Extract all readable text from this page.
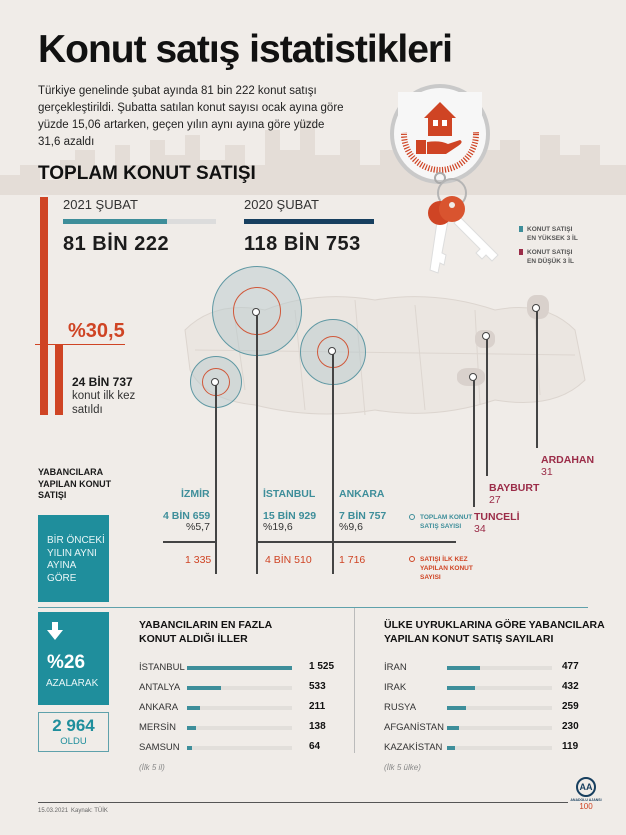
Konut satış istatistikleri

Türkiye genelinde şubat ayında 81 bin 222 konut satışı gerçekleştirildi. Şubatta satılan konut sayısı ocak ayına göre yüzde 15,06 artarken, geçen yılın aynı ayına göre yüzde 31,6 azaldı

KONUT SATIŞI
EN YÜKSEK 3 İL
KONUT SATIŞI
EN DÜŞÜK 3 İL
TOPLAM KONUT SATIŞI
2021 ŞUBAT
81 BİN 222
2020 ŞUBAT
118 BİN 753
%30,5
24 BİN 737
konut ilk kez
satıldı
YABANCILARA
YAPILAN KONUT
SATIŞI	İZMİR
4 BİN 659
%5,7
1 335
İSTANBUL
15 BİN 929
%19,6
4 BİN 510
ANKARA
7 BİN 757
%9,6
1 716
TOPLAM KONUT
SATIŞ SAYISI
SATIŞI İLK KEZ
YAPILAN KONUT
SAYISI
TUNCELİ
34
BAYBURT
27
ARDAHAN
31
BİR ÖNCEKİ
YILIN AYNI
AYINA
GÖRE
%26
AZALARAK
2 964
OLDU
YABANCILARIN EN FAZLA
KONUT ALDIĞI İLLER
İSTANBUL	1 525
ANTALYA	533
ANKARA	211
MERSİN	138
SAMSUN	64
(İlk 5 il)
ÜLKE UYRUKLARINA GÖRE YABANCILARA
YAPILAN KONUT SATIŞ SAYILARI
İRAN	477
IRAK	432
RUSYA	259
AFGANİSTAN	230
KAZAKİSTAN	119
(İlk 5 ülke)
15.03.2021 Kaynak: TÜİK
AA
ANADOLU AJANSI
100
